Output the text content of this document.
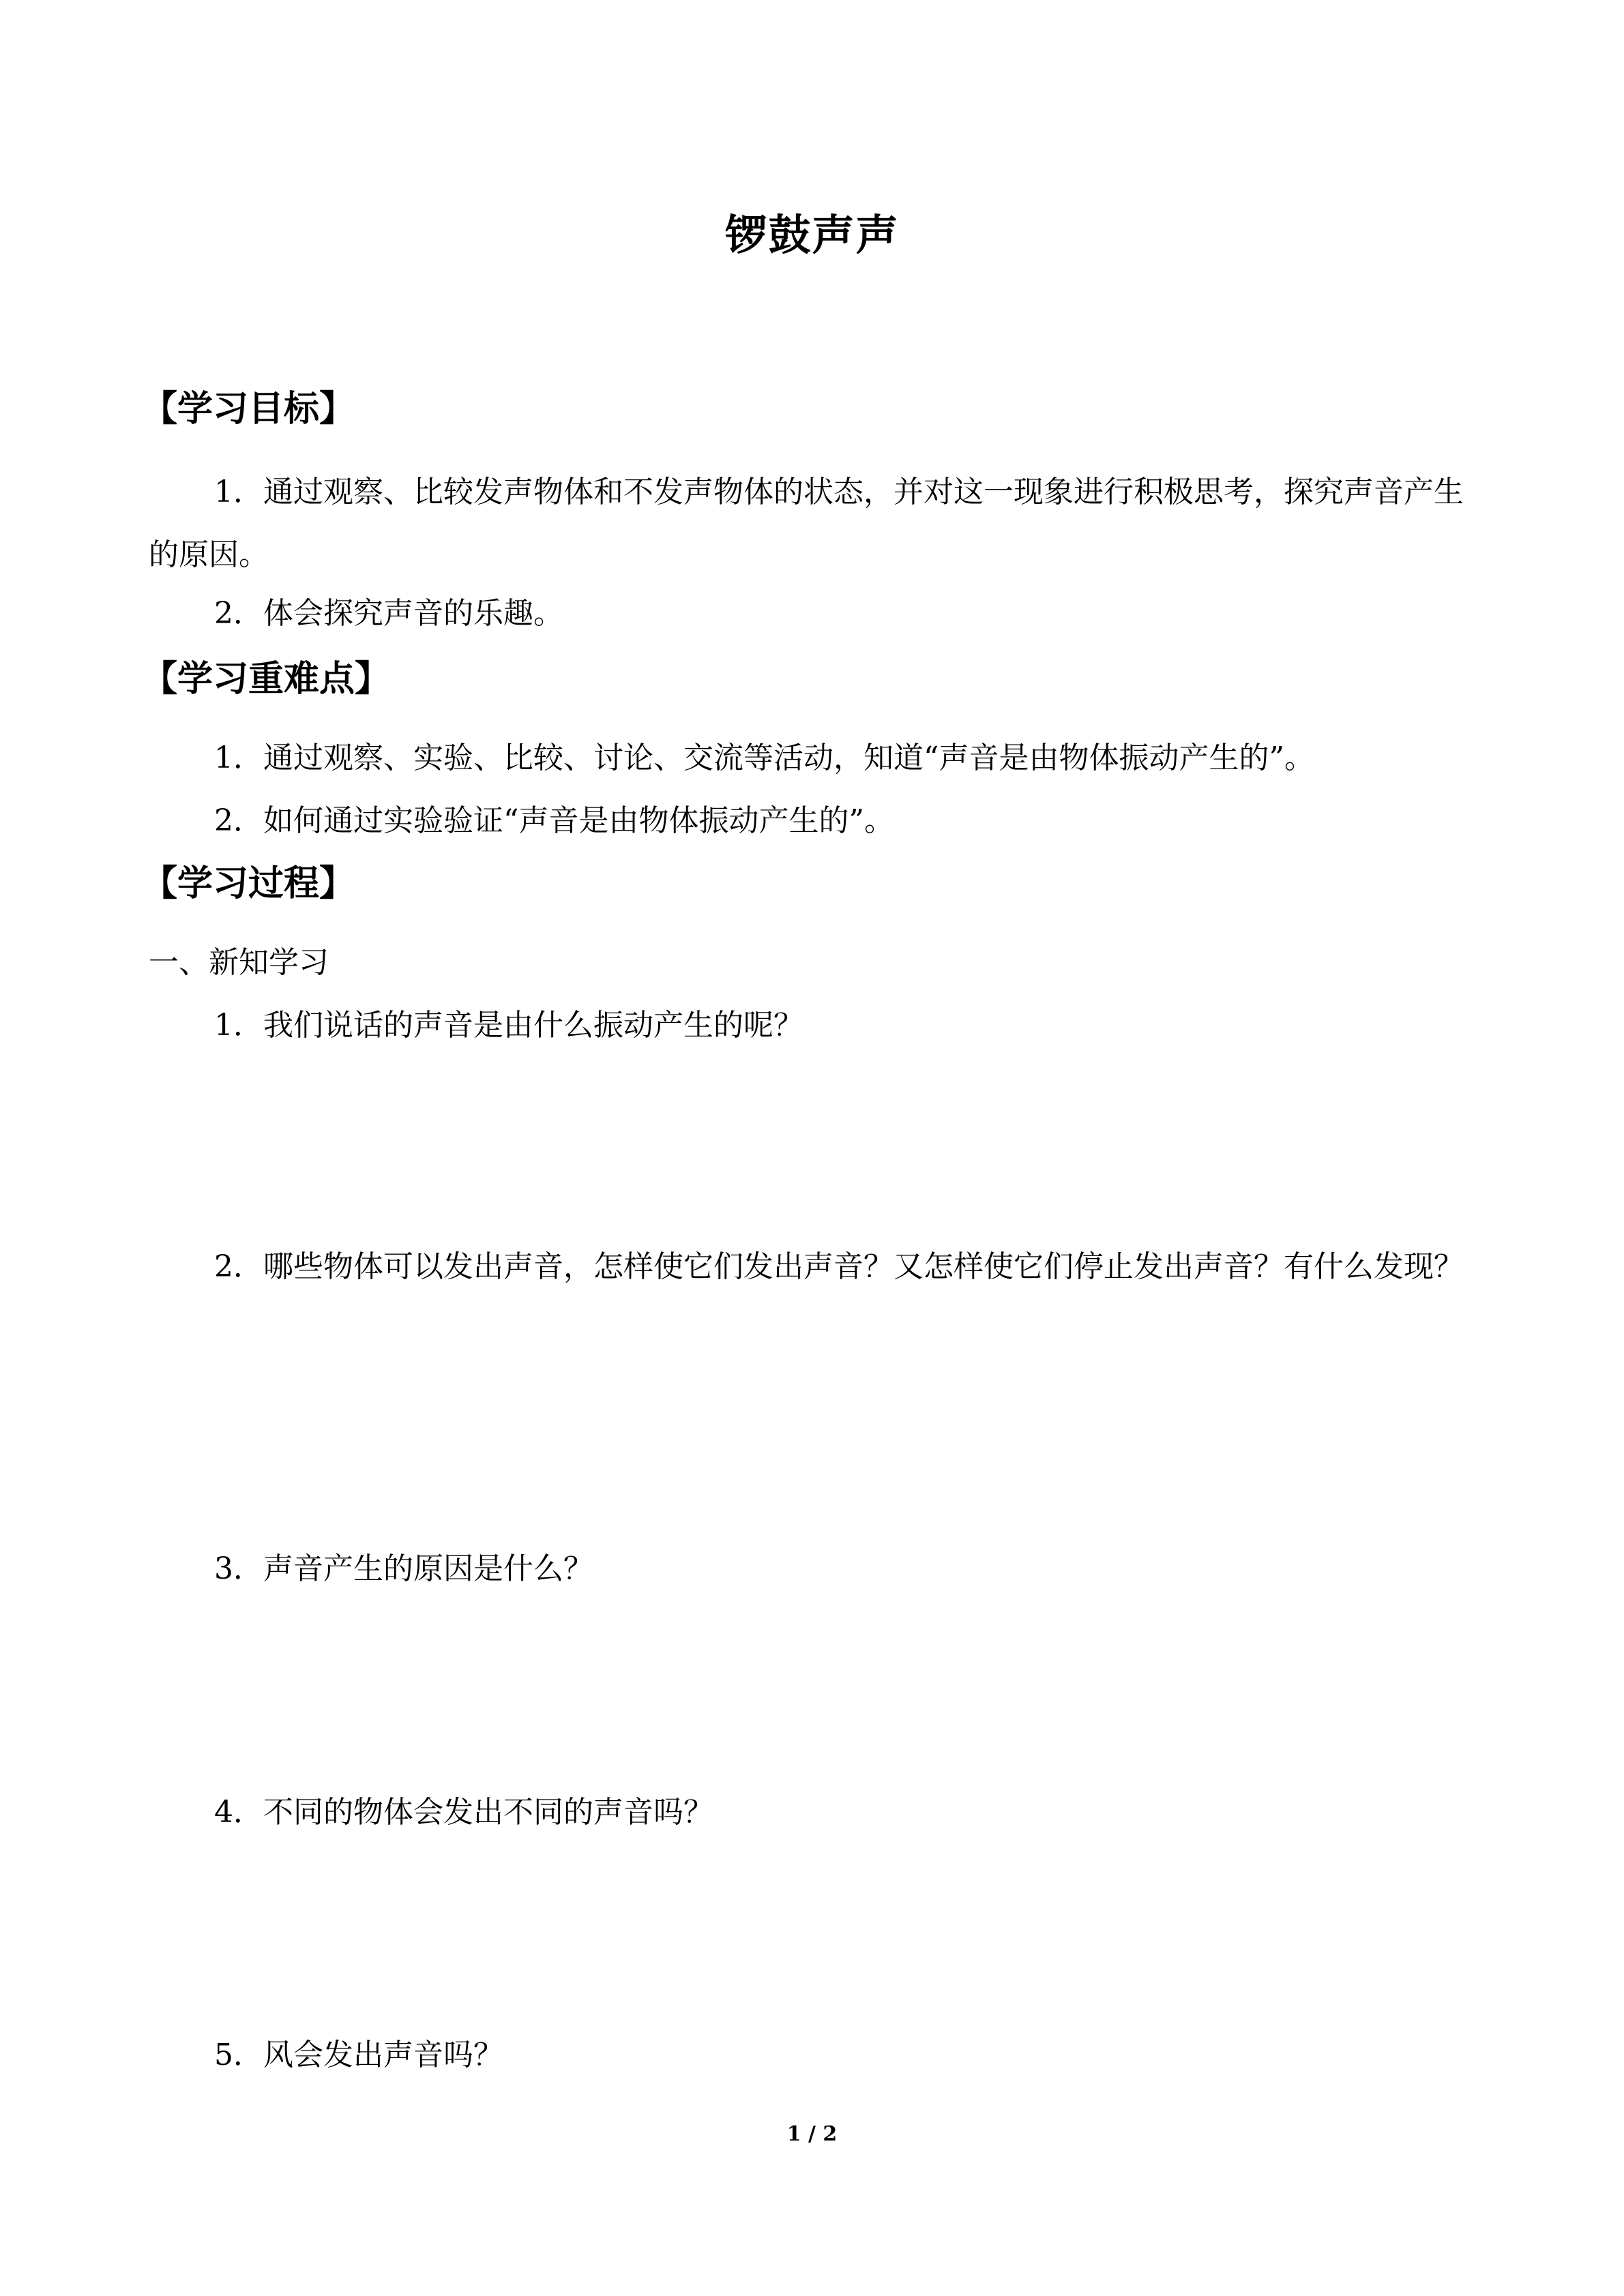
锣鼓声声
【学习目标】
1．通过观察、比较发声物体和不发声物体的状态，并对这一现象进行积极思考，探究声音产生的原因。
2．体会探究声音的乐趣。
【学习重难点】
1．通过观察、实验、比较、讨论、交流等活动，知道“声音是由物体振动产生的”。
2．如何通过实验验证“声音是由物体振动产生的”。
【学习过程】
一、新知学习
1．我们说话的声音是由什么振动产生的呢？
2．哪些物体可以发出声音，怎样使它们发出声音？又怎样使它们停止发出声音？有什么发现？
3．声音产生的原因是什么？
4．不同的物体会发出不同的声音吗？
5．风会发出声音吗？
1 / 2
